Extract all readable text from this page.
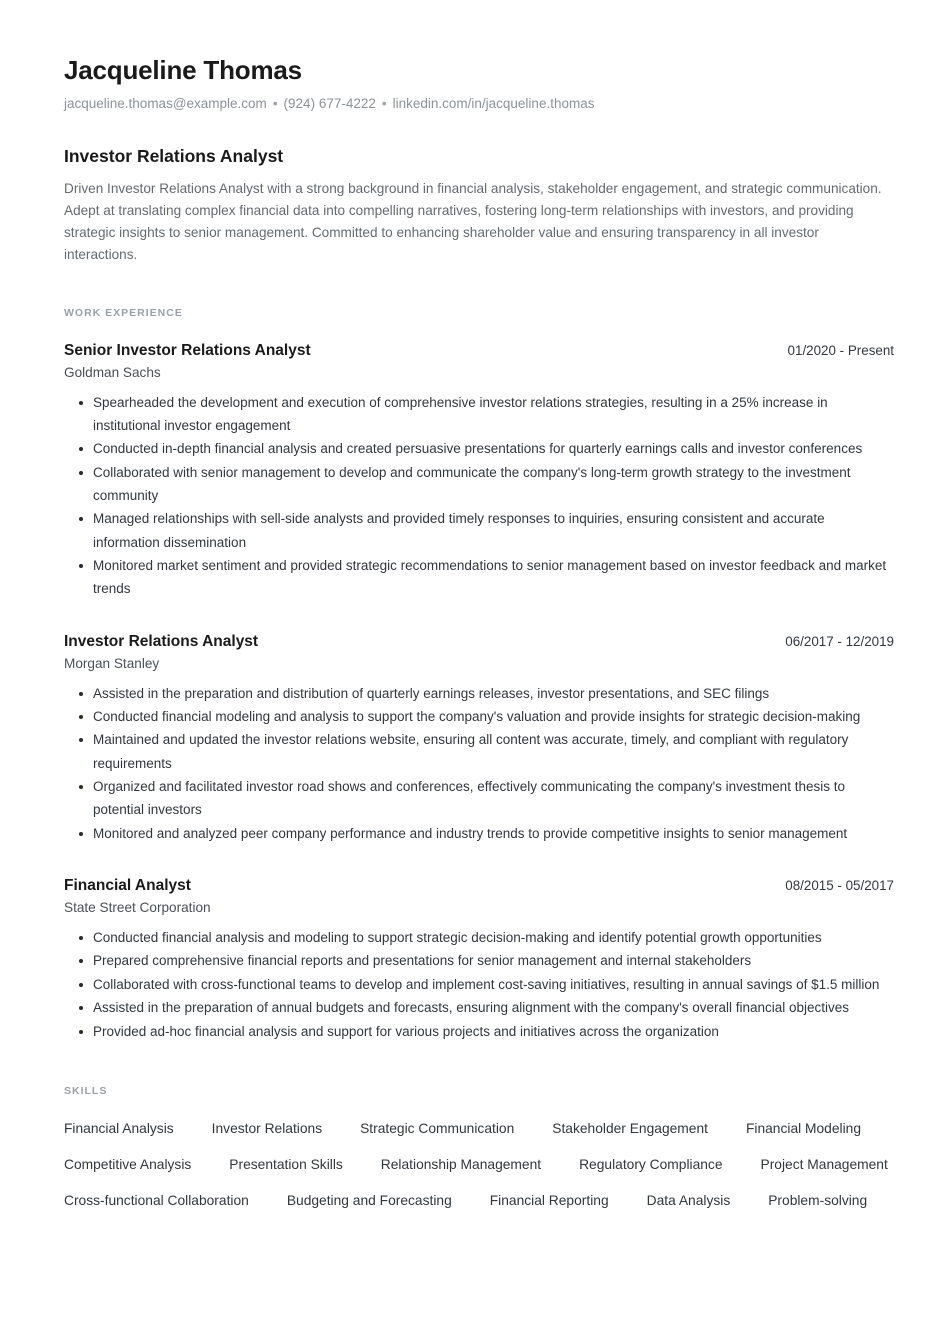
Jacqueline Thomas
jacqueline.thomas@example.com • (924) 677-4222 • linkedin.com/in/jacqueline.thomas
Investor Relations Analyst

Driven Investor Relations Analyst with a strong background in financial analysis, stakeholder engagement, and strategic communication. Adept at translating complex financial data into compelling narratives, fostering long-term relationships with investors, and providing strategic insights to senior management. Committed to enhancing shareholder value and ensuring transparency in all investor interactions.

WORK EXPERIENCE
Senior Investor Relations Analyst	01/2020 - Present
Goldman Sachs
Spearheaded the development and execution of comprehensive investor relations strategies, resulting in a 25% increase in institutional investor engagement
Conducted in-depth financial analysis and created persuasive presentations for quarterly earnings calls and investor conferences
Collaborated with senior management to develop and communicate the company's long-term growth strategy to the investment community
Managed relationships with sell-side analysts and provided timely responses to inquiries, ensuring consistent and accurate information dissemination
Monitored market sentiment and provided strategic recommendations to senior management based on investor feedback and market trends
Investor Relations Analyst	06/2017 - 12/2019
Morgan Stanley
Assisted in the preparation and distribution of quarterly earnings releases, investor presentations, and SEC filings
Conducted financial modeling and analysis to support the company's valuation and provide insights for strategic decision-making
Maintained and updated the investor relations website, ensuring all content was accurate, timely, and compliant with regulatory requirements
Organized and facilitated investor road shows and conferences, effectively communicating the company's investment thesis to potential investors
Monitored and analyzed peer company performance and industry trends to provide competitive insights to senior management
Financial Analyst	08/2015 - 05/2017
State Street Corporation
Conducted financial analysis and modeling to support strategic decision-making and identify potential growth opportunities
Prepared comprehensive financial reports and presentations for senior management and internal stakeholders
Collaborated with cross-functional teams to develop and implement cost-saving initiatives, resulting in annual savings of $1.5 million
Assisted in the preparation of annual budgets and forecasts, ensuring alignment with the company's overall financial objectives
Provided ad-hoc financial analysis and support for various projects and initiatives across the organization
SKILLS
Financial Analysis	Investor Relations	Strategic Communication	Stakeholder Engagement	Financial Modeling
Competitive Analysis	Presentation Skills	Relationship Management	Regulatory Compliance	Project Management
Cross-functional Collaboration	Budgeting and Forecasting	Financial Reporting	Data Analysis	Problem-solving
